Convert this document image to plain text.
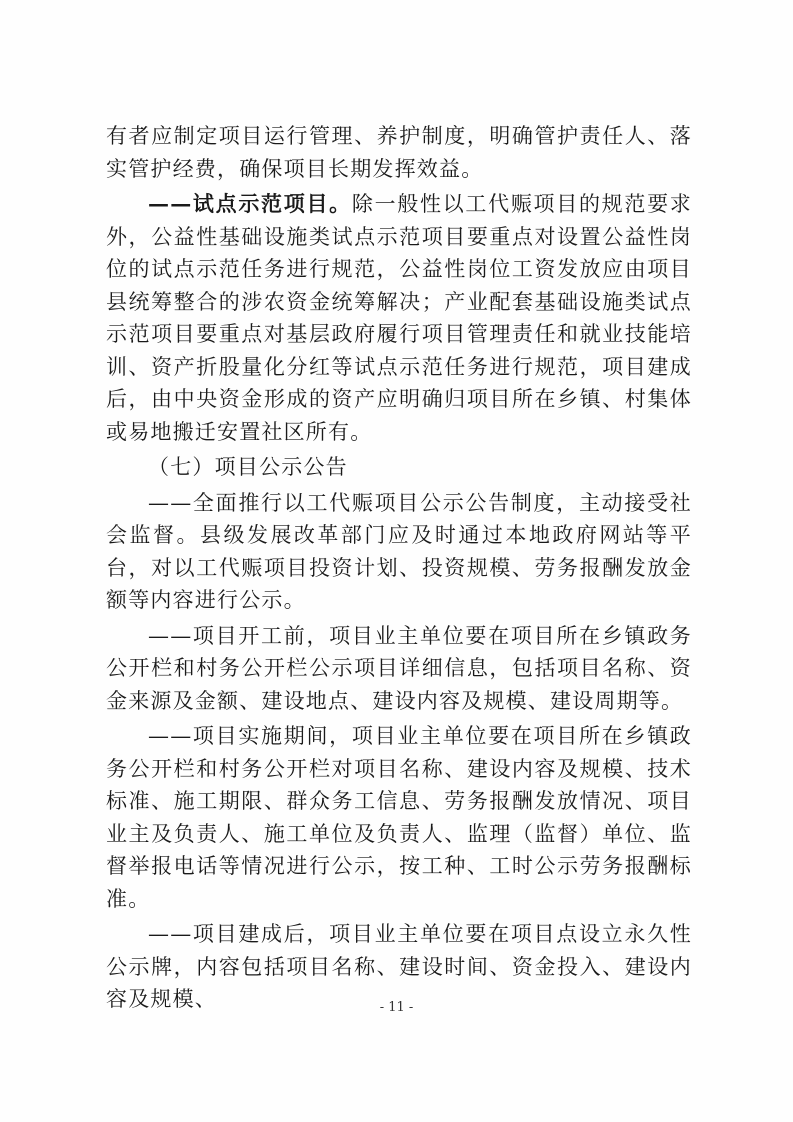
有者应制定项目运行管理、养护制度，明确管护责任人、落实管护经费，确保项目长期发挥效益。

——试点示范项目。除一般性以工代赈项目的规范要求外，公益性基础设施类试点示范项目要重点对设置公益性岗位的试点示范任务进行规范，公益性岗位工资发放应由项目县统筹整合的涉农资金统筹解决；产业配套基础设施类试点示范项目要重点对基层政府履行项目管理责任和就业技能培训、资产折股量化分红等试点示范任务进行规范，项目建成后，由中央资金形成的资产应明确归项目所在乡镇、村集体或易地搬迁安置社区所有。

（七）项目公示公告

——全面推行以工代赈项目公示公告制度，主动接受社会监督。县级发展改革部门应及时通过本地政府网站等平台，对以工代赈项目投资计划、投资规模、劳务报酬发放金额等内容进行公示。

——项目开工前，项目业主单位要在项目所在乡镇政务公开栏和村务公开栏公示项目详细信息，包括项目名称、资金来源及金额、建设地点、建设内容及规模、建设周期等。

——项目实施期间，项目业主单位要在项目所在乡镇政务公开栏和村务公开栏对项目名称、建设内容及规模、技术标准、施工期限、群众务工信息、劳务报酬发放情况、项目业主及负责人、施工单位及负责人、监理（监督）单位、监督举报电话等情况进行公示，按工种、工时公示劳务报酬标准。

——项目建成后，项目业主单位要在项目点设立永久性公示牌，内容包括项目名称、建设时间、资金投入、建设内容及规模、	- 11 -
